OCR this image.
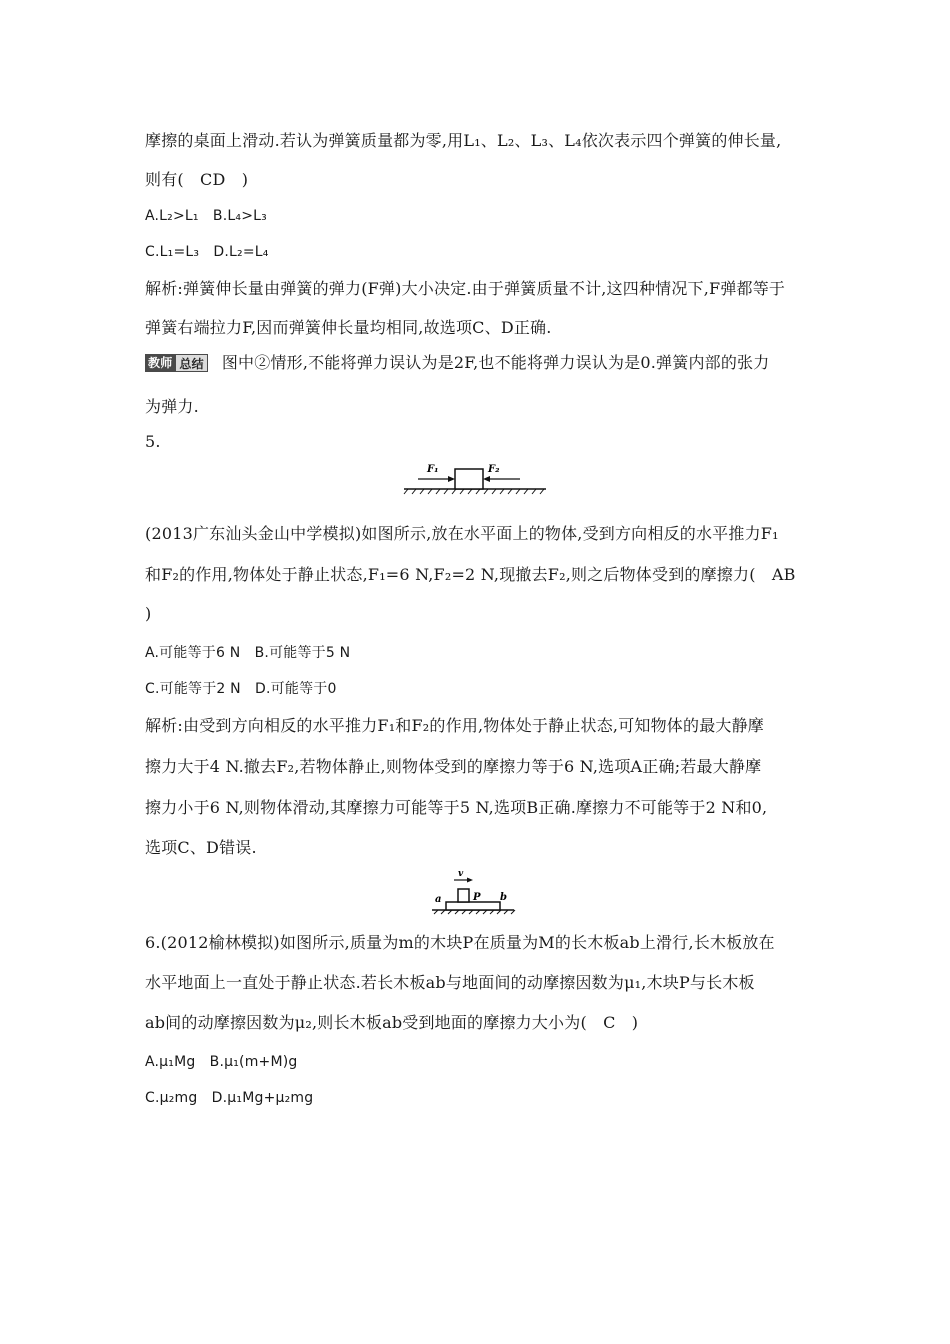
摩擦的桌面上滑动.若认为弹簧质量都为零,用L₁、L₂、L₃、L₄依次表示四个弹簧的伸长量,
则有(　CD　)
A.L₂>L₁　B.L₄>L₃
C.L₁=L₃　D.L₂=L₄
解析:弹簧伸长量由弹簧的弹力(F弹)大小决定.由于弹簧质量不计,这四种情况下,F弹都等于
弹簧右端拉力F,因而弹簧伸长量均相同,故选项C、D正确.
教师 总结 图中②情形,不能将弹力误认为是2F,也不能将弹力误认为是0.弹簧内部的张力
为弹力.
5.
F₁	F₂
(2013广东汕头金山中学模拟)如图所示,放在水平面上的物体,受到方向相反的水平推力F₁
和F₂的作用,物体处于静止状态,F₁=6 N,F₂=2 N,现撤去F₂,则之后物体受到的摩擦力(　AB
)
A.可能等于6 N　B.可能等于5 N
C.可能等于2 N　D.可能等于0
解析:由受到方向相反的水平推力F₁和F₂的作用,物体处于静止状态,可知物体的最大静摩
擦力大于4 N.撤去F₂,若物体静止,则物体受到的摩擦力等于6 N,选项A正确;若最大静摩
擦力小于6 N,则物体滑动,其摩擦力可能等于5 N,选项B正确.摩擦力不可能等于2 N和0,
选项C、D错误.
v
a	P b
6.(2012榆林模拟)如图所示,质量为m的木块P在质量为M的长木板ab上滑行,长木板放在
水平地面上一直处于静止状态.若长木板ab与地面间的动摩擦因数为μ₁,木块P与长木板
ab间的动摩擦因数为μ₂,则长木板ab受到地面的摩擦力大小为(　C　)
A.μ₁Mg　B.μ₁(m+M)g
C.μ₂mg　D.μ₁Mg+μ₂mg
